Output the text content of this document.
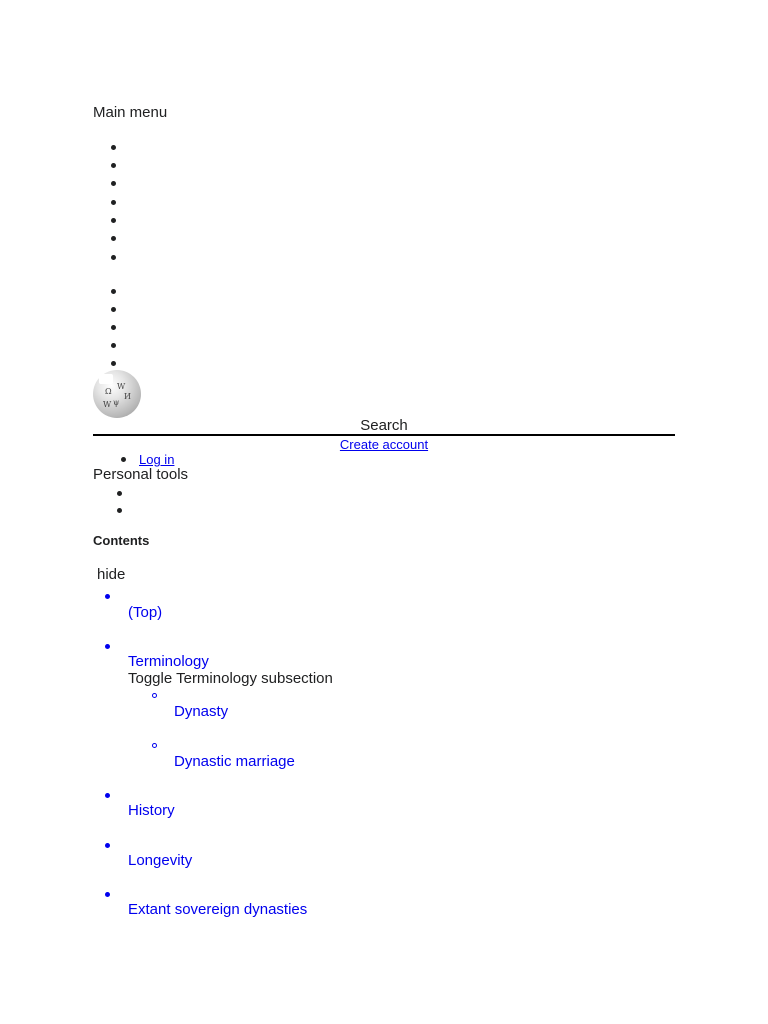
Main menu
Ω
W
И
ψ
W
Search
Create account
Log in
Personal tools
Contents
hide
(Top)
Terminology
Toggle Terminology subsection
Dynasty
Dynastic marriage
History
Longevity
Extant sovereign dynasties
